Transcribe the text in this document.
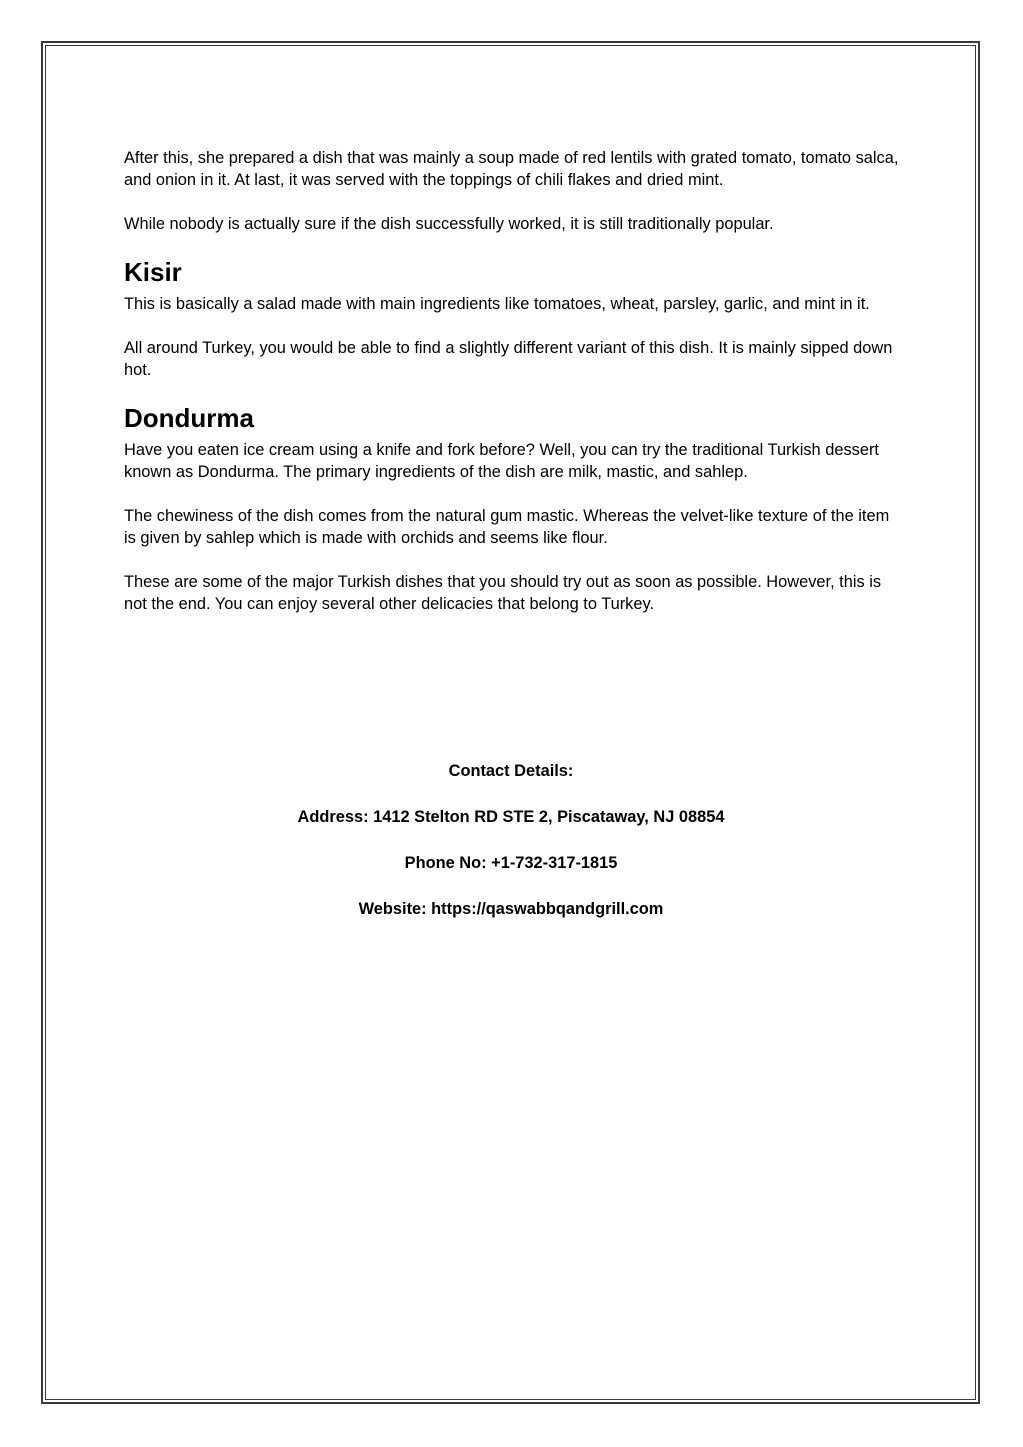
After this, she prepared a dish that was mainly a soup made of red lentils with grated tomato, tomato salca, and onion in it. At last, it was served with the toppings of chili flakes and dried mint.

While nobody is actually sure if the dish successfully worked, it is still traditionally popular.

Kisir

This is basically a salad made with main ingredients like tomatoes, wheat, parsley, garlic, and mint in it.

All around Turkey, you would be able to find a slightly different variant of this dish. It is mainly sipped down hot.

Dondurma

Have you eaten ice cream using a knife and fork before? Well, you can try the traditional Turkish dessert known as Dondurma. The primary ingredients of the dish are milk, mastic, and sahlep.

The chewiness of the dish comes from the natural gum mastic. Whereas the velvet-like texture of the item is given by sahlep which is made with orchids and seems like flour.

These are some of the major Turkish dishes that you should try out as soon as possible. However, this is not the end. You can enjoy several other delicacies that belong to Turkey.

Contact Details:

Address: 1412 Stelton RD STE 2, Piscataway, NJ 08854

Phone No: +1-732-317-1815

Website: https://qaswabbqandgrill.com
